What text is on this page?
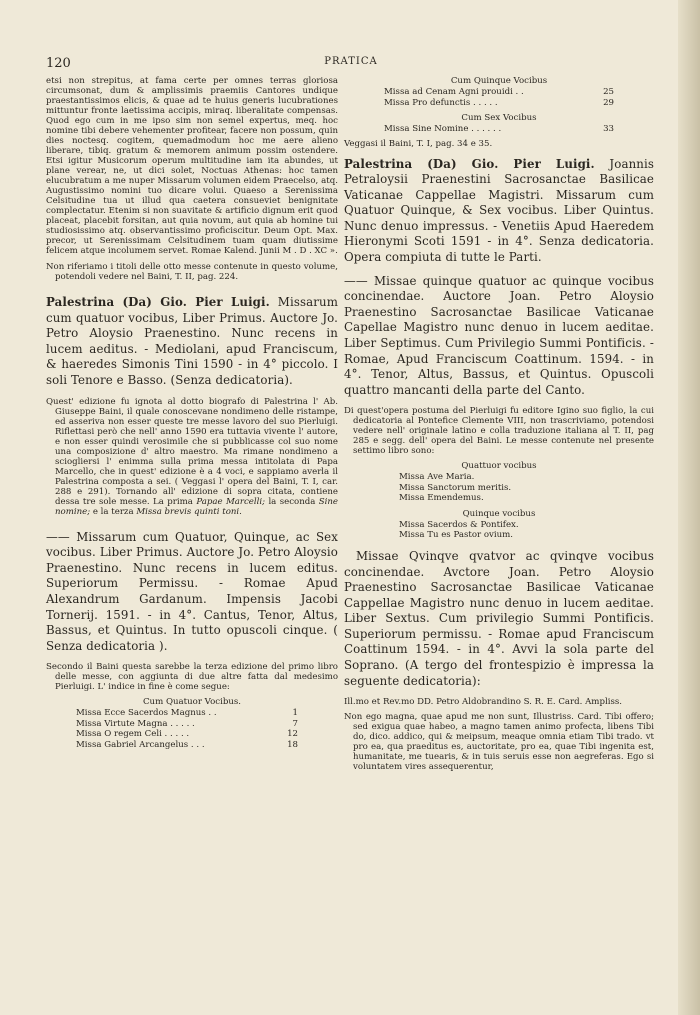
120	PRATICA

etsi non strepitus, at fama certe per omnes terras gloriosa circumsonat, dum & amplissimis praemiis Cantores undique praestantissimos elicis, & quae ad te huius generis lucubrationes mittuntur fronte laetissima accipis, miraq. liberalitate compensas. Quod ego cum in me ipso sim non semel expertus, meq. hoc nomine tibi debere vehementer profitear, facere non possum, quin dies noctesq. cogitem, quemadmodum hoc me aere alieno liberare, tibiq. gratum & memorem animum possim ostendere. Etsi igitur Musicorum operum multitudine iam ita abundes, ut plane verear, ne, ut dici solet, Noctuas Athenas: hoc tamen elucubratum a me nuper Missarum volumen eidem Praecelso, atq. Augustissimo nomini tuo dicare volui. Quaeso a Serenissima Celsitudine tua ut illud qua caetera consueviet benignitate complectatur. Etenim si non suavitate & artificio dignum erit quod placeat, placebit forsitan, aut quia novum, aut quia ab homine tui studiosissimo atq. observantissimo proficiscitur. Deum Opt. Max. precor, ut Serenissimam Celsitudinem tuam quam diutissime felicem atque incolumem servet. Romae Kalend. Junii M . D . XC ».

Non riferiamo i titoli delle otto messe contenute in questo volume, potendoli vedere nel Baini, T. II, pag. 224.

Palestrina (Da) Gio. Pier Luigi. Missarum cum quatuor vocibus, Liber Primus. Auctore Jo. Petro Aloysio Praenestino. Nunc recens in lucem aeditus. - Mediolani, apud Franciscum, & haeredes Simonis Tini 1590 - in 4° piccolo. I soli Tenore e Basso. (Senza dedicatoria).

Quest' edizione fu ignota al dotto biografo di Palestrina l' Ab. Giuseppe Baini, il quale conoscevane nondimeno delle ristampe, ed asseriva non esser queste tre messe lavoro del suo Pierluigi. Riflettasi però che nell' anno 1590 era tuttavia vivente l' autore, e non esser quindi verosimile che si pubblicasse col suo nome una composizione d' altro maestro. Ma rimane nondimeno a sciogliersi l' enimma sulla prima messa intitolata di Papa Marcello, che in quest' edizione è a 4 voci, e sappiamo averla il Palestrina composta a sei. ( Veggasi l' opera del Baini, T. I, car. 288 e 291). Tornando all' edizione di sopra citata, contiene dessa tre sole messe. La prima Papae Marcelli; la seconda Sine nomine; e la terza Missa brevis quinti toni.

—— Missarum cum Quatuor, Quinque, ac Sex vocibus. Liber Primus. Auctore Jo. Petro Aloysio Praenestino. Nunc recens in lucem editus. Superiorum Permissu. - Romae Apud Alexandrum Gardanum. Impensis Jacobi Tornerij. 1591. - in 4°. Cantus, Tenor, Altus, Bassus, et Quintus. In tutto opuscoli cinque. ( Senza dedicatoria ).

Secondo il Baini questa sarebbe la terza edizione del primo libro delle messe, con aggiunta di due altre fatta dal medesimo Pierluigi. L' indice in fine è come segue:

Cum Quatuor Vocibus.
Missa Ecce Sacerdos Magnus . .	1
Missa Virtute Magna . . . . .	7
Missa O regem Celi . . . . .	12
Missa Gabriel Arcangelus . . .	18
Cum Quinque Vocibus
Missa ad Cenam Agni prouidi . .	25
Missa Pro defunctis . . . . .	29
Cum Sex Vocibus
Missa Sine Nomine . . . . . .	33

Veggasi il Baini, T. I, pag. 34 e 35.

Palestrina (Da) Gio. Pier Luigi. Joannis Petraloysii Praenestini Sacrosanctae Basilicae Vaticanae Cappellae Magistri. Missarum cum Quatuor Quinque, & Sex vocibus. Liber Quintus. Nunc denuo impressus. - Venetiis Apud Haeredem Hieronymi Scoti 1591 - in 4°. Senza dedicatoria. Opera compiuta di tutte le Parti.

—— Missae quinque quatuor ac quinque vocibus concinendae. Auctore Joan. Petro Aloysio Praenestino Sacrosanctae Basilicae Vaticanae Capellae Magistro nunc denuo in lucem aeditae. Liber Septimus. Cum Privilegio Summi Pontificis. - Romae, Apud Franciscum Coattinum. 1594. - in 4°. Tenor, Altus, Bassus, et Quintus. Opuscoli quattro mancanti della parte del Canto.

Di quest'opera postuma del Pierluigi fu editore Igino suo figlio, la cui dedicatoria al Pontefice Clemente VIII, non trascriviamo, potendosi vedere nell' originale latino e colla traduzione italiana al T. II, pag 285 e segg. dell' opera del Baini. Le messe contenute nel presente settimo libro sono:

Quattuor vocibus
Missa Ave Maria.
Missa Sanctorum meritis.
Missa Emendemus.
Quinque vocibus
Missa Sacerdos & Pontifex.
Missa Tu es Pastor ovium.

Missae Qvinqve qvatvor ac qvinqve vocibus concinendae. Avctore Joan. Petro Aloysio Praenestino Sacrosanctae Basilicae Vaticanae Cappellae Magistro nunc denuo in lucem aeditae. Liber Sextus. Cum privilegio Summi Pontificis. Superiorum permissu. - Romae apud Franciscum Coattinum 1594. - in 4°. Avvi la sola parte del Soprano. (A tergo del frontespizio è impressa la seguente dedicatoria):

Ill.mo et Rev.mo DD. Petro Aldobrandino S. R. E. Card. Ampliss.

Non ego magna, quae apud me non sunt, Illustriss. Card. Tibi offero; sed exigua quae habeo, a magno tamen animo profecta, libens Tibi do, dico. addico, qui & meipsum, meaque omnia etiam Tibi trado. vt pro ea, qua praeditus es, auctoritate, pro ea, quae Tibi ingenita est, humanitate, me tuearis, & in tuis seruis esse non aegreferas. Ego si voluntatem vires assequerentur,
